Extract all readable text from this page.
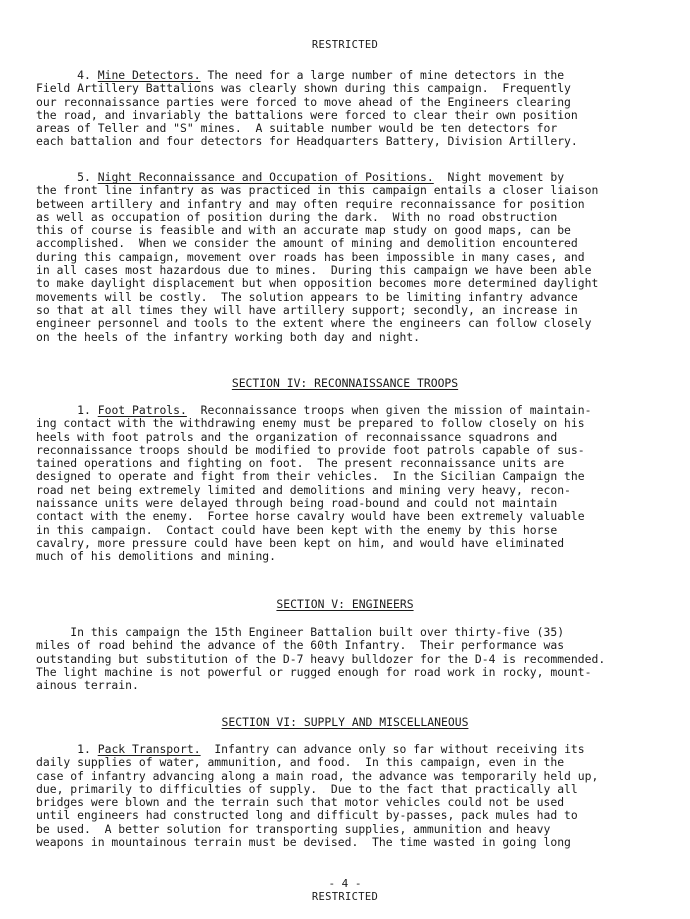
RESTRICTED
4. Mine Detectors. The need for a large number of mine detectors in the
Field Artillery Battalions was clearly shown during this campaign.  Frequently
our reconnaissance parties were forced to move ahead of the Engineers clearing
the road, and invariably the battalions were forced to clear their own position
areas of Teller and "S" mines.  A suitable number would be ten detectors for
each battalion and four detectors for Headquarters Battery, Division Artillery.
5. Night Reconnaissance and Occupation of Positions.  Night movement by
the front line infantry as was practiced in this campaign entails a closer liaison
between artillery and infantry and may often require reconnaissance for position
as well as occupation of position during the dark.  With no road obstruction
this of course is feasible and with an accurate map study on good maps, can be
accomplished.  When we consider the amount of mining and demolition encountered
during this campaign, movement over roads has been impossible in many cases, and
in all cases most hazardous due to mines.  During this campaign we have been able
to make daylight displacement but when opposition becomes more determined daylight
movements will be costly.  The solution appears to be limiting infantry advance
so that at all times they will have artillery support; secondly, an increase in
engineer personnel and tools to the extent where the engineers can follow closely
on the heels of the infantry working both day and night.
SECTION IV: RECONNAISSANCE TROOPS
1. Foot Patrols.  Reconnaissance troops when given the mission of maintain-
ing contact with the withdrawing enemy must be prepared to follow closely on his
heels with foot patrols and the organization of reconnaissance squadrons and
reconnaissance troops should be modified to provide foot patrols capable of sus-
tained operations and fighting on foot.  The present reconnaissance units are
designed to operate and fight from their vehicles.  In the Sicilian Campaign the
road net being extremely limited and demolitions and mining very heavy, recon-
naissance units were delayed through being road-bound and could not maintain
contact with the enemy.  Fortee horse cavalry would have been extremely valuable
in this campaign.  Contact could have been kept with the enemy by this horse
cavalry, more pressure could have been kept on him, and would have eliminated
much of his demolitions and mining.
SECTION V: ENGINEERS
In this campaign the 15th Engineer Battalion built over thirty-five (35)
miles of road behind the advance of the 60th Infantry.  Their performance was
outstanding but substitution of the D-7 heavy bulldozer for the D-4 is recommended.
The light machine is not powerful or rugged enough for road work in rocky, mount-
ainous terrain.
SECTION VI: SUPPLY AND MISCELLANEOUS
1. Pack Transport.  Infantry can advance only so far without receiving its
daily supplies of water, ammunition, and food.  In this campaign, even in the
case of infantry advancing along a main road, the advance was temporarily held up,
due, primarily to difficulties of supply.  Due to the fact that practically all
bridges were blown and the terrain such that motor vehicles could not be used
until engineers had constructed long and difficult by-passes, pack mules had to
be used.  A better solution for transporting supplies, ammunition and heavy
weapons in mountainous terrain must be devised.  The time wasted in going long
- 4 -
RESTRICTED
